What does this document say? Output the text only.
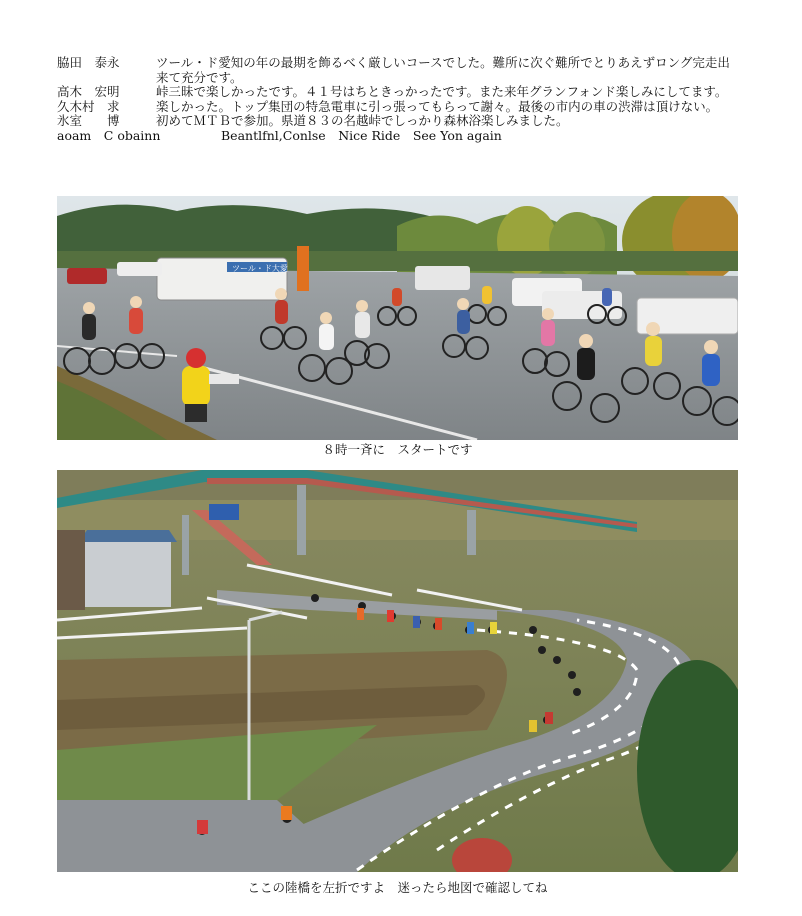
脇田　泰永	ツール・ド愛知の年の最期を飾るべく厳しいコースでした。難所に次ぐ難所でとりあえずロング完走出来て充分です。
高木　宏明	峠三昧で楽しかったです。４１号はちときっかったです。また来年グランフォンド楽しみにしてます。
久木村　求	楽しかった。トップ集団の特急電車に引っ張ってもらって謝々。最後の市内の車の渋滞は頂けない。
氷室　　博	初めてＭＴＢで参加。県道８３の名越峠でしっかり森林浴楽しみました。
aoam　C obainn	Beantlfnl,Conlse　Nice Ride　See Yon again
ツール・ド大愛
８時一斉に　スタートです
ここの陸橋を左折ですよ　迷ったら地図で確認してね
